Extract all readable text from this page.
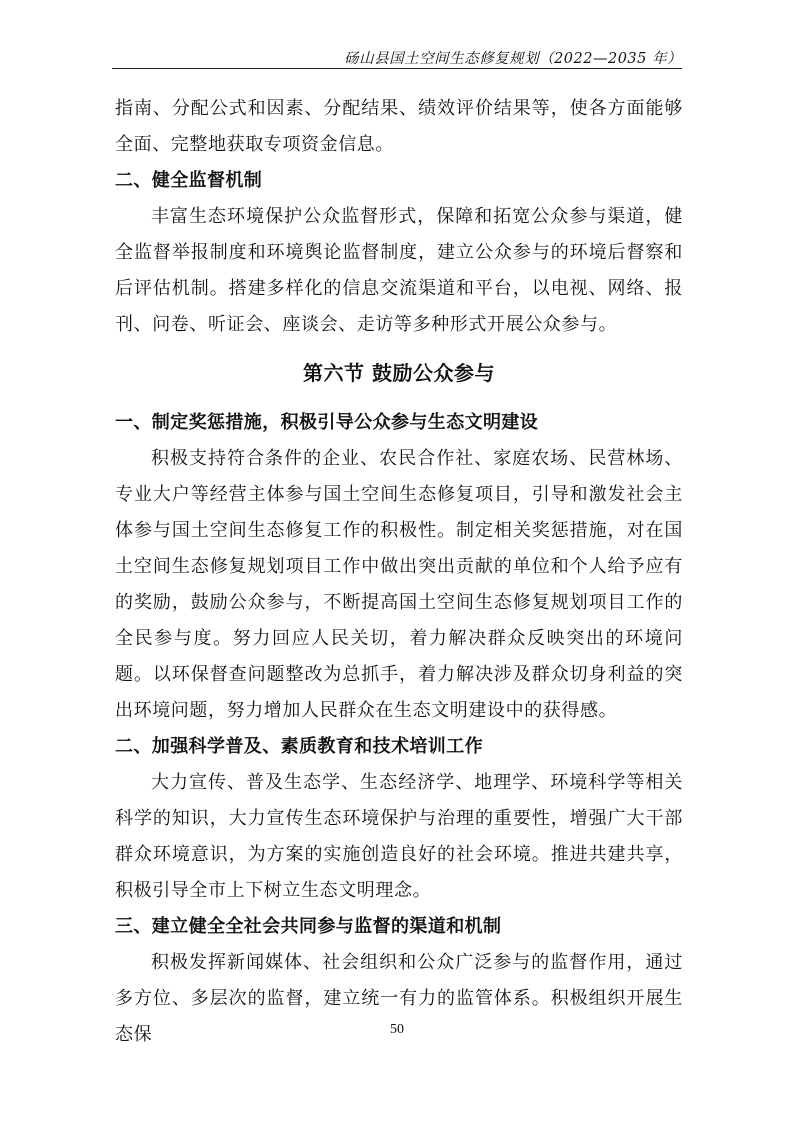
砀山县国土空间生态修复规划（2022—2035 年）

指南、分配公式和因素、分配结果、绩效评价结果等，使各方面能够全面、完整地获取专项资金信息。

二、健全监督机制

丰富生态环境保护公众监督形式，保障和拓宽公众参与渠道，健全监督举报制度和环境舆论监督制度，建立公众参与的环境后督察和后评估机制。搭建多样化的信息交流渠道和平台，以电视、网络、报刊、问卷、听证会、座谈会、走访等多种形式开展公众参与。

第六节 鼓励公众参与

一、制定奖惩措施，积极引导公众参与生态文明建设

积极支持符合条件的企业、农民合作社、家庭农场、民营林场、专业大户等经营主体参与国土空间生态修复项目，引导和激发社会主体参与国土空间生态修复工作的积极性。制定相关奖惩措施，对在国土空间生态修复规划项目工作中做出突出贡献的单位和个人给予应有的奖励，鼓励公众参与，不断提高国土空间生态修复规划项目工作的全民参与度。努力回应人民关切，着力解决群众反映突出的环境问题。以环保督查问题整改为总抓手，着力解决涉及群众切身利益的突出环境问题，努力增加人民群众在生态文明建设中的获得感。

二、加强科学普及、素质教育和技术培训工作

大力宣传、普及生态学、生态经济学、地理学、环境科学等相关科学的知识，大力宣传生态环境保护与治理的重要性，增强广大干部群众环境意识，为方案的实施创造良好的社会环境。推进共建共享，积极引导全市上下树立生态文明理念。

三、建立健全全社会共同参与监督的渠道和机制

积极发挥新闻媒体、社会组织和公众广泛参与的监督作用，通过多方位、多层次的监督，建立统一有力的监管体系。积极组织开展生态保	50
